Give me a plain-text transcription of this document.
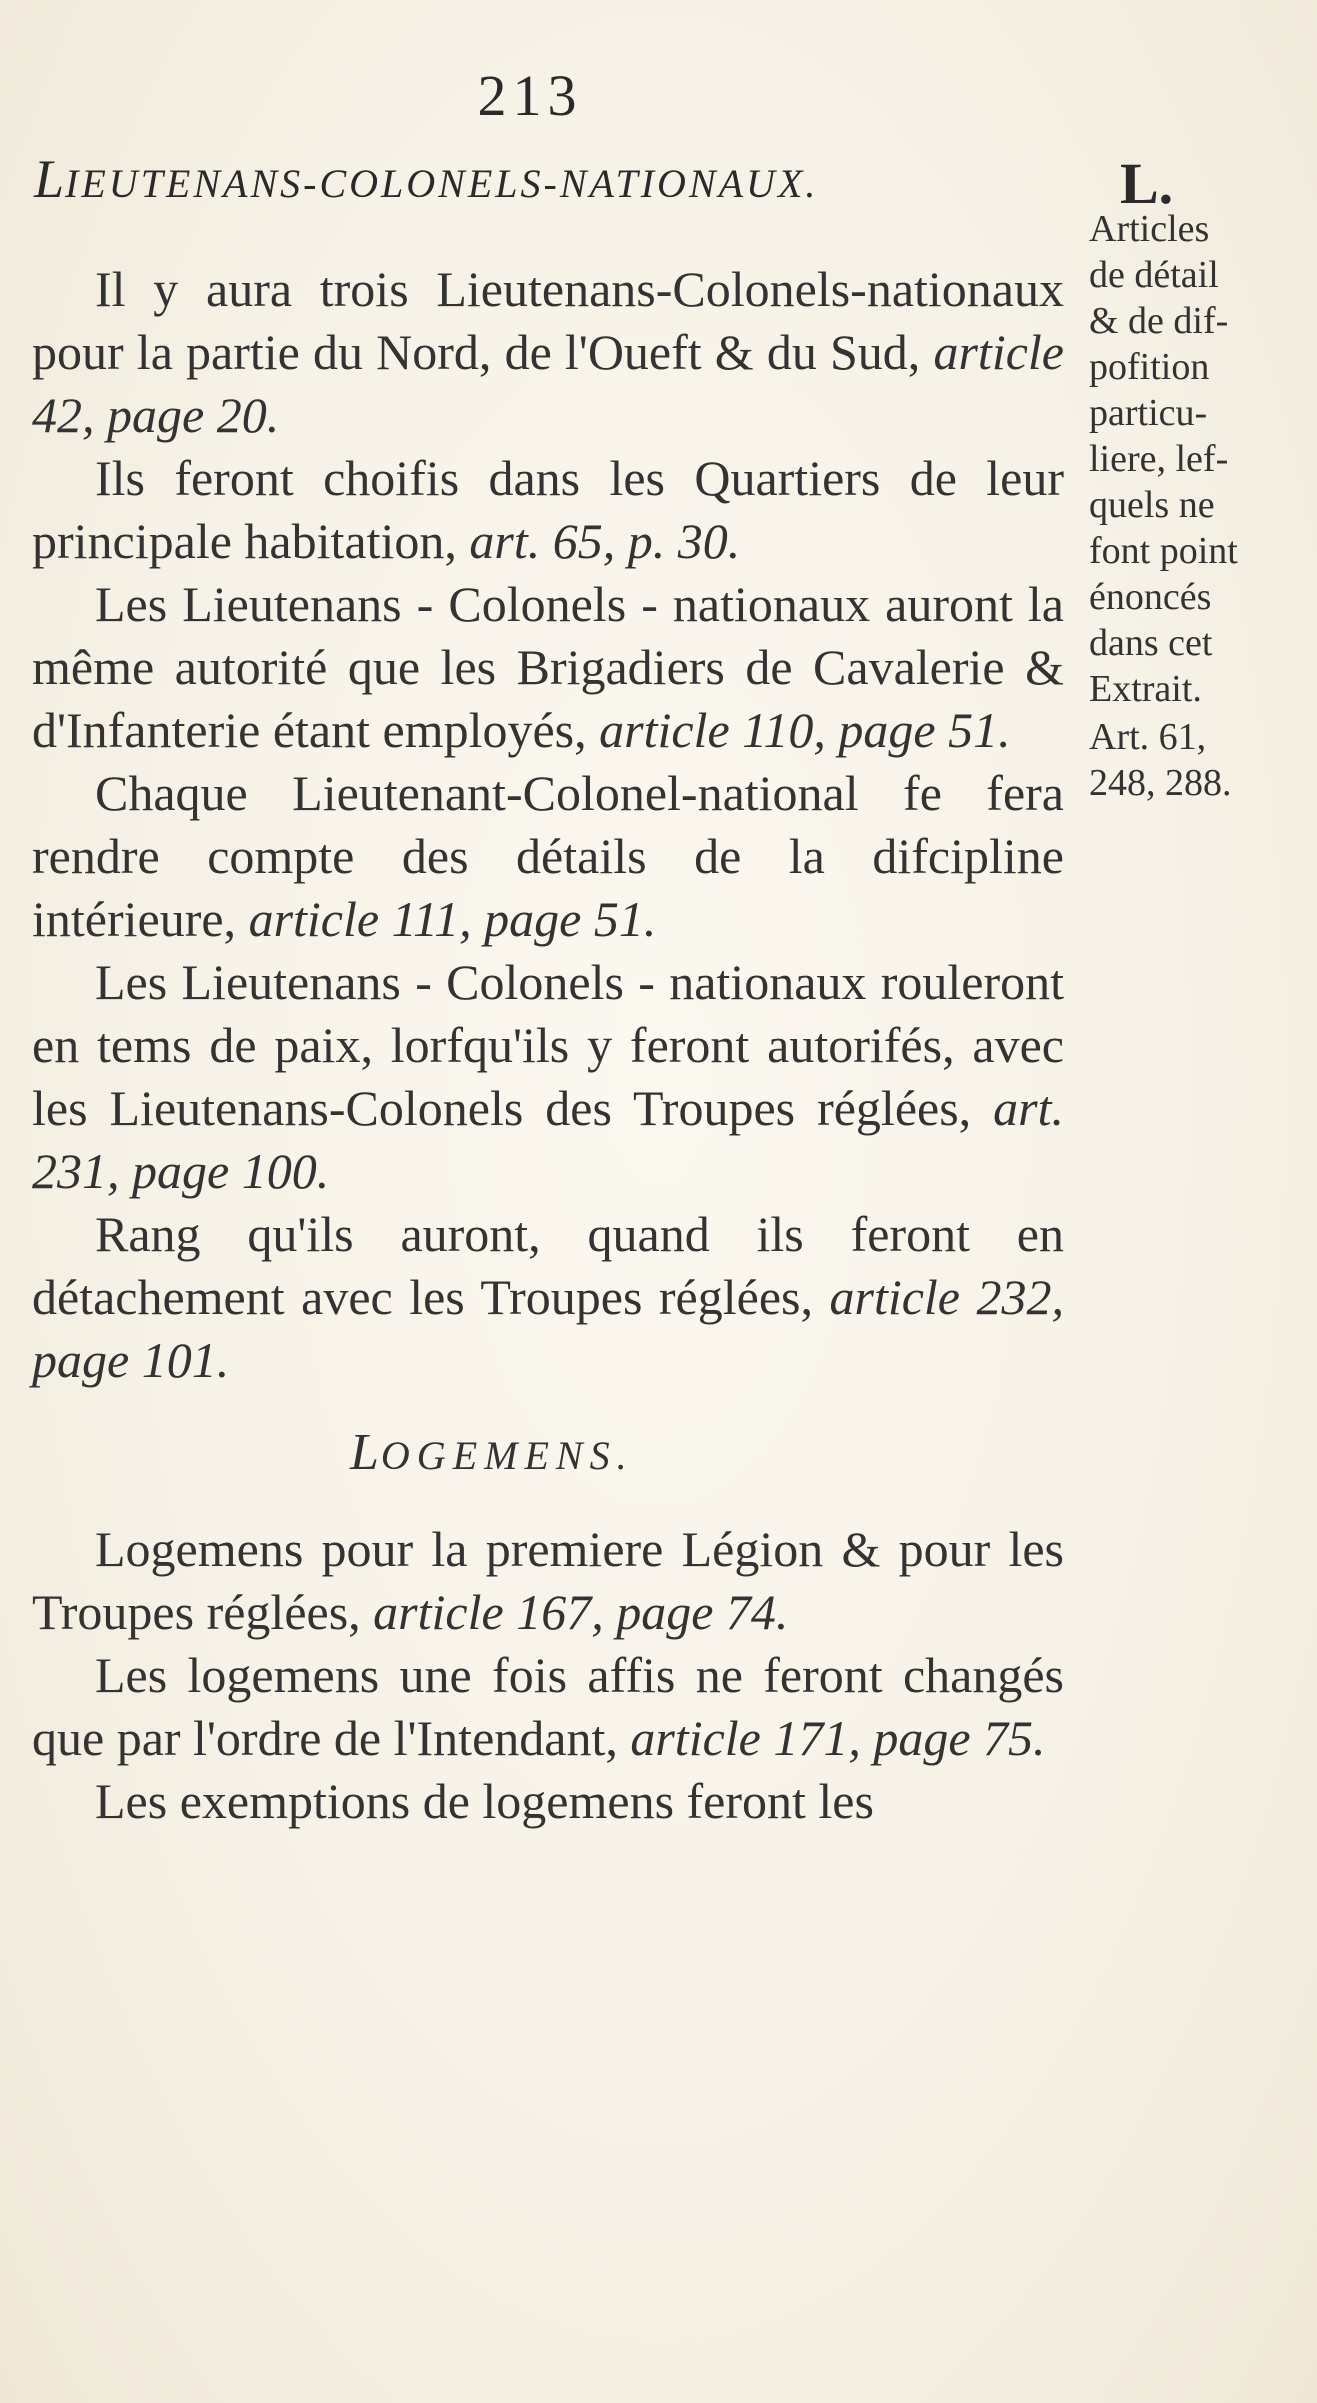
213
LIEUTENANS-COLONELS-NATIONAUX.	L.
Articles
de détail
& de dif-
pofition
particu-
liere, lef-
quels ne
font point
énoncés
dans cet
Extrait.
Art. 61,
248, 288.

Il y aura trois Lieutenans-Colonels-nationaux pour la partie du Nord, de l'Oueft & du Sud, article 42, page 20.

Ils feront choifis dans les Quartiers de leur principale habitation, art. 65, p. 30.

Les Lieutenans - Colonels - nationaux auront la même autorité que les Brigadiers de Cavalerie & d'Infanterie étant employés, article 110, page 51.

Chaque Lieutenant-Colonel-national fe fera rendre compte des détails de la difcipline intérieure, article 111, page 51.

Les Lieutenans - Colonels - nationaux rouleront en tems de paix, lorfqu'ils y feront autorifés, avec les Lieutenans-Colonels des Troupes réglées, art. 231, page 100.

Rang qu'ils auront, quand ils feront en détachement avec les Troupes réglées, article 232, page 101.

LOGEMENS.

Logemens pour la premiere Légion & pour les Troupes réglées, article 167, page 74.

Les logemens une fois affis ne feront changés que par l'ordre de l'Intendant, article 171, page 75.

Les exemptions de logemens feront les
